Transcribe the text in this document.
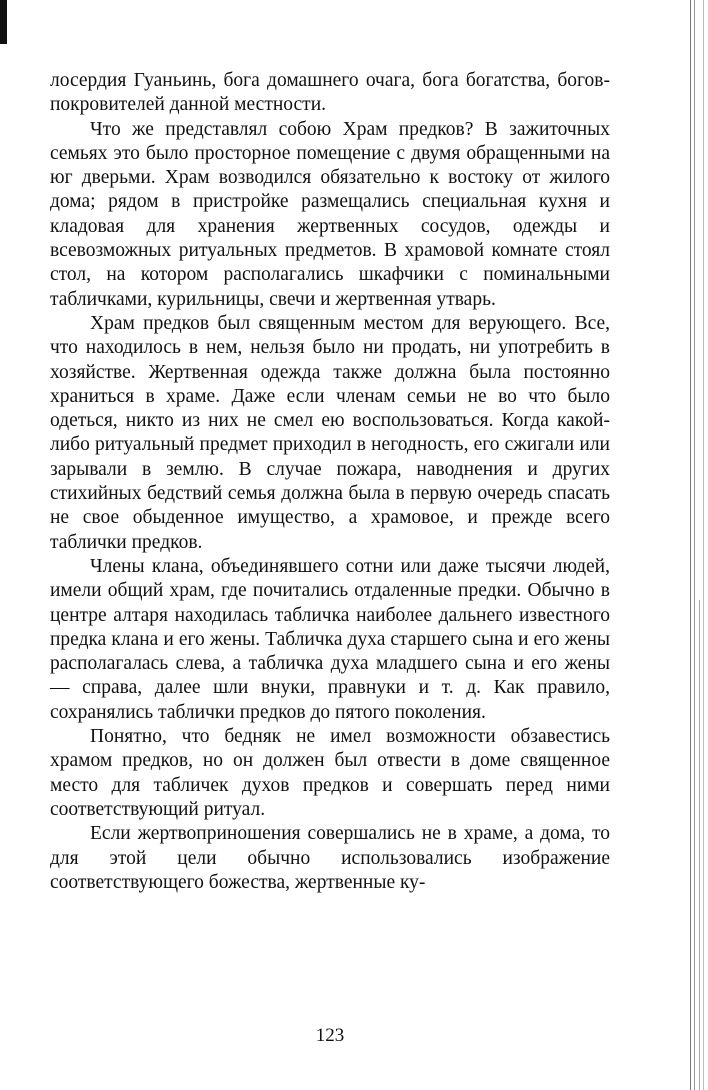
лосердия Гуаньинь, бога домашнего очага, бога богатства, богов-покровителей данной местности.

Что же представлял собою Храм предков? В зажиточных семьях это было просторное помещение с двумя обращенными на юг дверьми. Храм возводился обязательно к востоку от жилого дома; рядом в пристройке размещались специальная кухня и кладовая для хранения жертвенных сосудов, одежды и всевозможных ритуальных предметов. В храмовой комнате стоял стол, на котором располагались шкафчики с поминальными табличками, курильницы, свечи и жертвенная утварь.

Храм предков был священным местом для верующего. Все, что находилось в нем, нельзя было ни продать, ни употребить в хозяйстве. Жертвенная одежда также должна была постоянно храниться в храме. Даже если членам семьи не во что было одеться, никто из них не смел ею воспользоваться. Когда какой-либо ритуальный предмет приходил в негодность, его сжигали или зарывали в землю. В случае пожара, наводнения и других стихийных бедствий семья должна была в первую очередь спасать не свое обыденное имущество, а храмовое, и прежде всего таблички предков.

Члены клана, объединявшего сотни или даже тысячи людей, имели общий храм, где почитались отдаленные предки. Обычно в центре алтаря находилась табличка наиболее дальнего известного предка клана и его жены. Табличка духа старшего сына и его жены располагалась слева, а табличка духа младшего сына и его жены — справа, далее шли внуки, правнуки и т. д. Как правило, сохранялись таблички предков до пятого поколения.

Понятно, что бедняк не имел возможности обзавестись храмом предков, но он должен был отвести в доме священное место для табличек духов предков и совершать перед ними соответствующий ритуал.

Если жертвоприношения совершались не в храме, а дома, то для этой цели обычно использовались изображение соответствующего божества, жертвенные ку-

123
